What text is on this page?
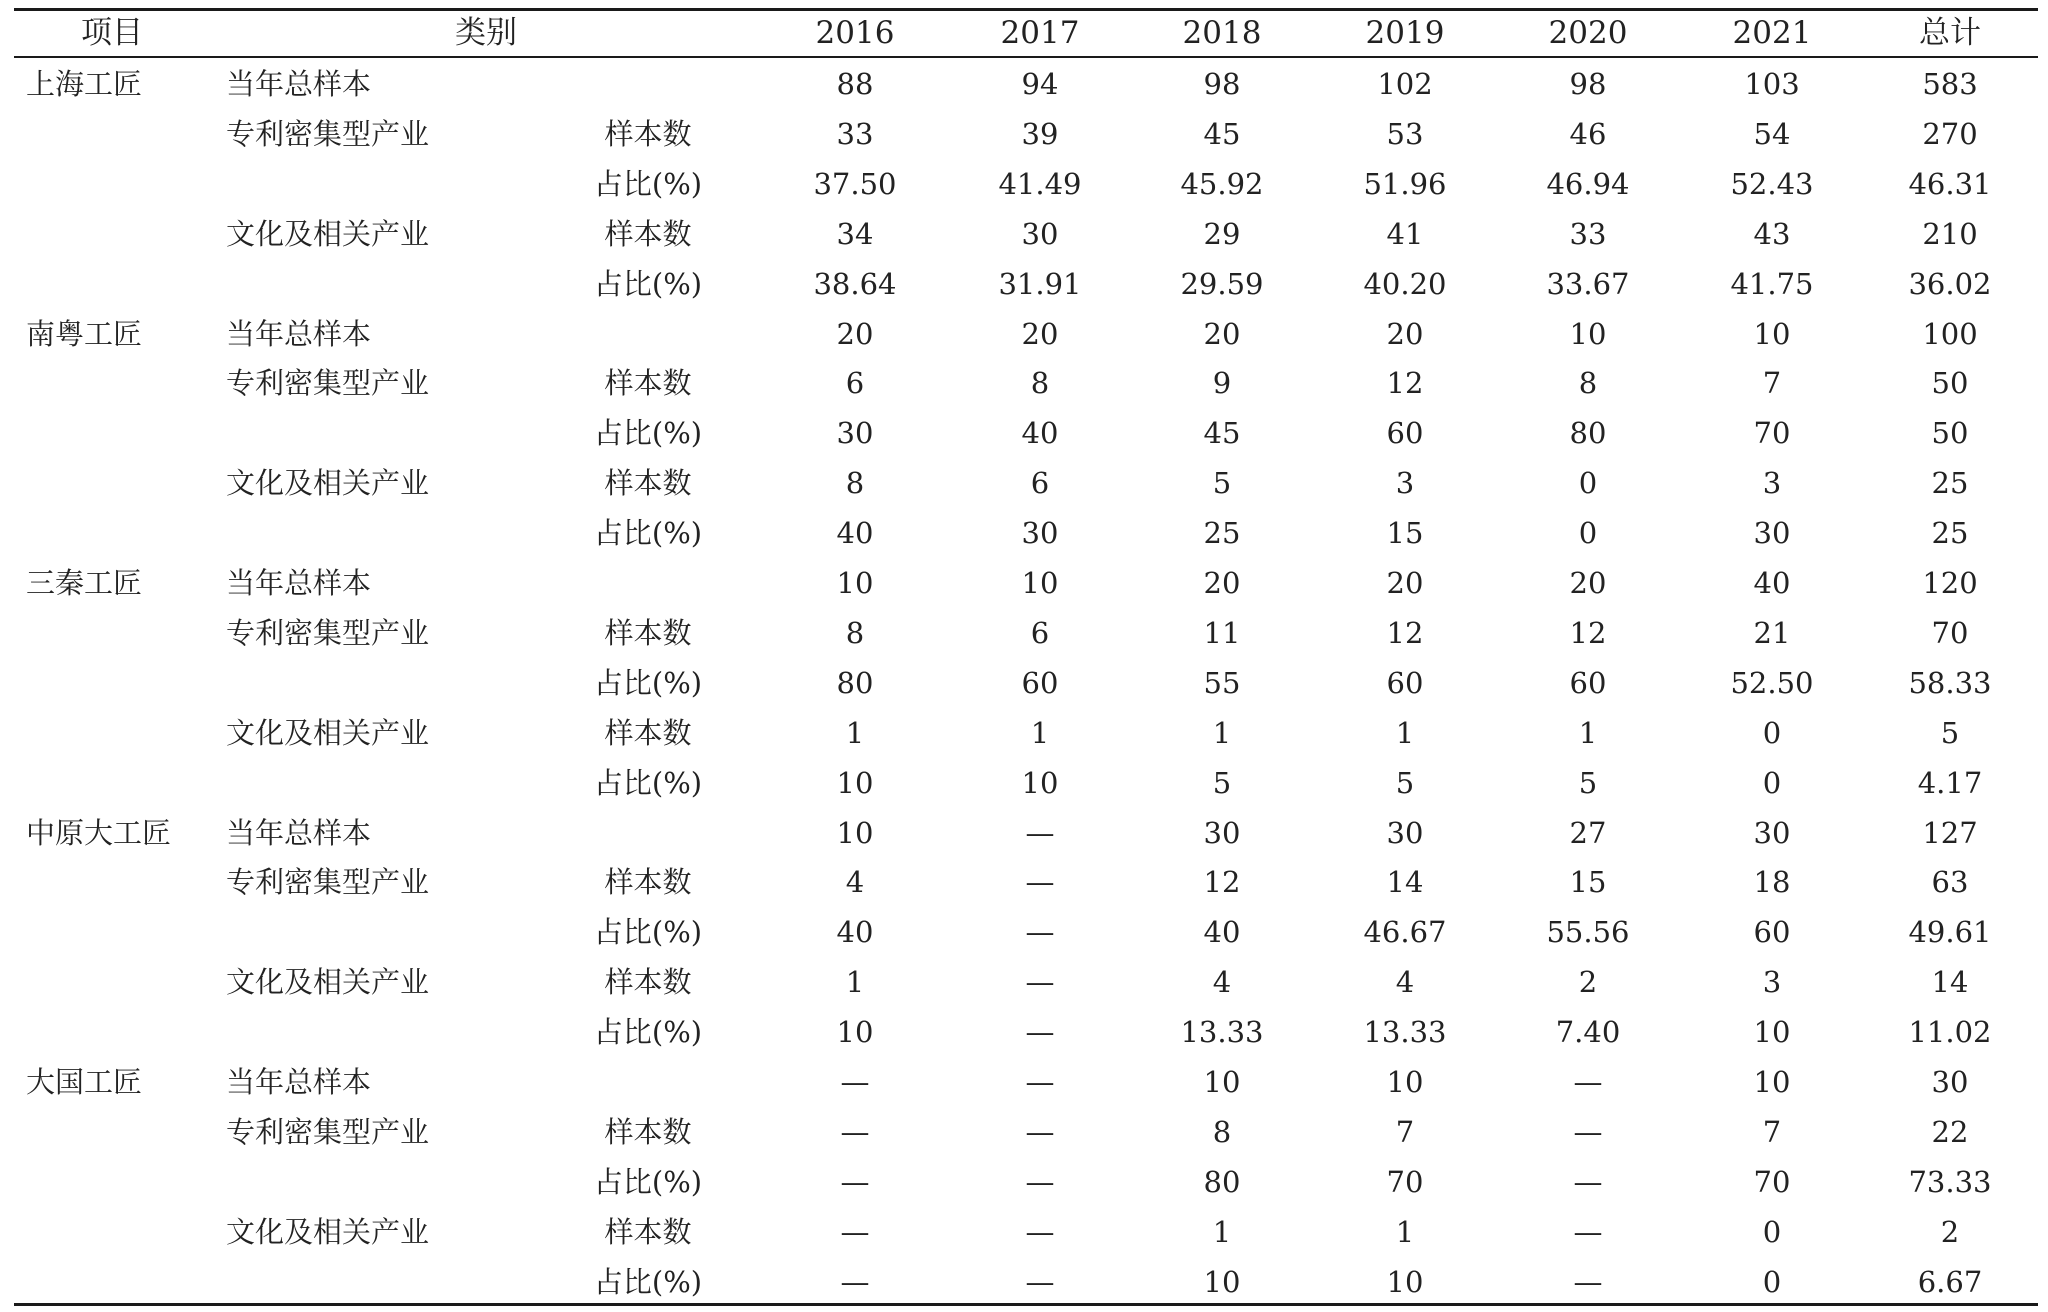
项目	类别	2016	2017	2018	2019	2020	2021	总计
上海工匠	当年总样本	88	94	98	102	98	103	583
专利密集型产业	样本数	33	39	45	53	46	54	270
占比(%)	37.50	41.49	45.92	51.96	46.94	52.43	46.31
文化及相关产业	样本数	34	30	29	41	33	43	210
占比(%)	38.64	31.91	29.59	40.20	33.67	41.75	36.02
南粤工匠	当年总样本	20	20	20	20	10	10	100
专利密集型产业	样本数	6	8	9	12	8	7	50
占比(%)	30	40	45	60	80	70	50
文化及相关产业	样本数	8	6	5	3	0	3	25
占比(%)	40	30	25	15	0	30	25
三秦工匠	当年总样本	10	10	20	20	20	40	120
专利密集型产业	样本数	8	6	11	12	12	21	70
占比(%)	80	60	55	60	60	52.50	58.33
文化及相关产业	样本数	1	1	1	1	1	0	5
占比(%)	10	10	5	5	5	0	4.17
中原大工匠 当年总样本	10	—	30	30	27	30	127
专利密集型产业	样本数	4	—	12	14	15	18	63
占比(%)	40	—	40	46.67	55.56	60	49.61
文化及相关产业	样本数	1	—	4	4	2	3	14
占比(%)	10	—	13.33	13.33	7.40	10	11.02
大国工匠	当年总样本	—	—	10	10	—	10	30
专利密集型产业	样本数	—	—	8	7	—	7	22
占比(%)	—	—	80	70	—	70	73.33
文化及相关产业	样本数	—	—	1	1	—	0	2
占比(%)	—	—	10	10	—	0	6.67
